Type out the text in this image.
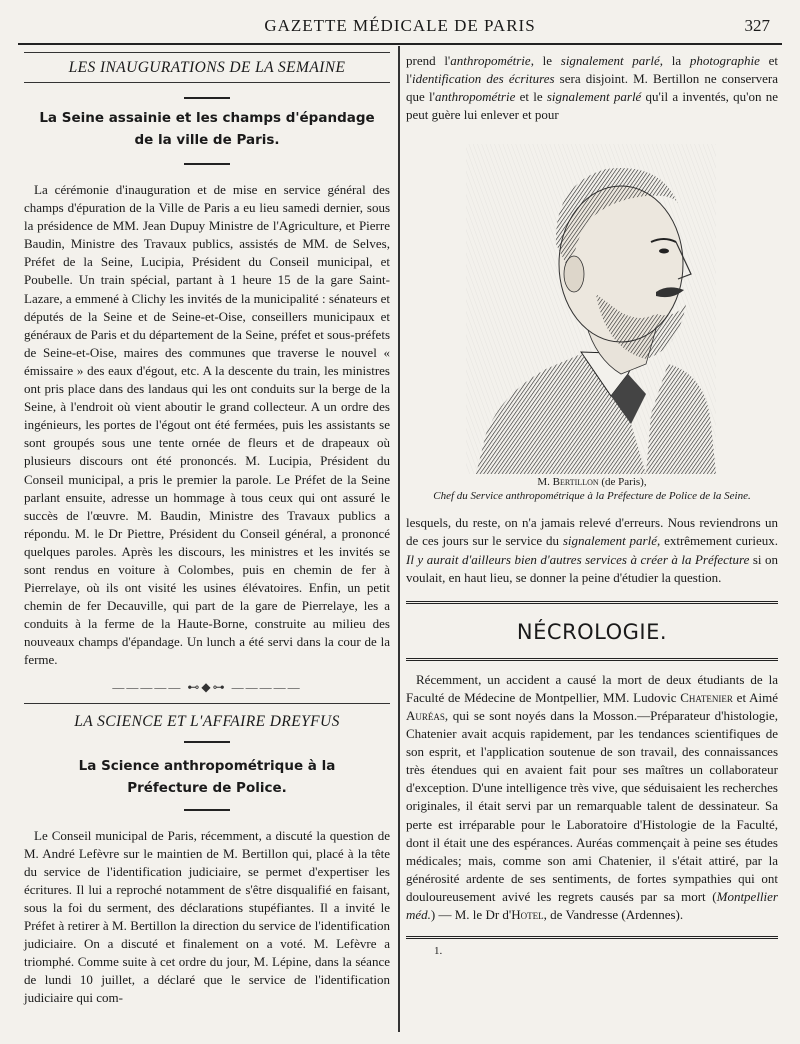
GAZETTE MÉDICALE DE PARIS	327
LES INAUGURATIONS DE LA SEMAINE
La Seine assainie et les champs d'épandage
de la ville de Paris.

La cérémonie d'inauguration et de mise en service général des champs d'épuration de la Ville de Paris a eu lieu samedi dernier, sous la présidence de MM. Jean Dupuy Ministre de l'Agriculture, et Pierre Baudin, Ministre des Travaux publics, assistés de MM. de Selves, Préfet de la Seine, Lucipia, Président du Conseil municipal, et Poubelle. Un train spécial, partant à 1 heure 15 de la gare Saint-Lazare, a emmené à Clichy les invités de la municipalité : sénateurs et députés de la Seine et de Seine-et-Oise, conseillers municipaux et généraux de Paris et du département de la Seine, préfet et sous-préfets de Seine-et-Oise, maires des communes que traverse le nouvel « émissaire » des eaux d'égout, etc. A la descente du train, les ministres ont pris place dans des landaus qui les ont conduits sur la berge de la Seine, à l'endroit où vient aboutir le grand collecteur. A un ordre des ingénieurs, les portes de l'égout ont été fermées, puis les assistants se sont groupés sous une tente ornée de fleurs et de drapeaux où plusieurs discours ont été prononcés. M. Lucipia, Président du Conseil municipal, a pris le premier la parole. Le Préfet de la Seine parlant ensuite, adresse un hommage à tous ceux qui ont assuré le succès de l'œuvre. M. Baudin, Ministre des Travaux publics a répondu. M. le Dr Piettre, Président du Conseil général, a prononcé quelques paroles. Après les discours, les ministres et les invités se sont rendus en voiture à Colombes, puis en chemin de fer à Pierrelaye, où ils ont visité les usines élévatoires. Enfin, un petit chemin de fer Decauville, qui part de la gare de Pierrelaye, les a conduits à la ferme de la Haute-Borne, construite au milieu des nouveaux champs d'épandage. Un lunch a été servi dans la cour de la ferme.

————— ⊷◆⊶ —————
LA SCIENCE ET L'AFFAIRE DREYFUS
La Science anthropométrique à la
Préfecture de Police.

Le Conseil municipal de Paris, récemment, a discuté la question de M. André Lefèvre sur le maintien de M. Bertillon qui, placé à la tête du service de l'identification judiciaire, se permet d'expertiser les écritures. Il lui a reproché notamment de s'être disqualifié en faisant, sous la foi du serment, des déclarations stupéfiantes. Il a invité le Préfet à retirer à M. Bertillon la direction du service de l'identification judiciaire. On a discuté et finalement on a voté. M. Lefèvre a triomphé. Comme suite à cet ordre du jour, M. Lépine, dans la séance de lundi 10 juillet, a déclaré que le service de l'identification judiciaire qui com-

prend l'anthropométrie, le signalement parlé, la photographie et l'identification des écritures sera disjoint. M. Bertillon ne conservera que l'anthropométrie et le signalement parlé qu'il a inventés, qu'on ne peut guère lui enlever et pour

M. Bertillon (de Paris),
Chef du Service anthropométrique à la Préfecture de Police de la Seine.

lesquels, du reste, on n'a jamais relevé d'erreurs. Nous reviendrons un de ces jours sur le service du signalement parlé, extrêmement curieux. Il y aurait d'ailleurs bien d'autres services à créer à la Préfecture si on voulait, en haut lieu, se donner la peine d'étudier la question.

NÉCROLOGIE.

Récemment, un accident a causé la mort de deux étudiants de la Faculté de Médecine de Montpellier, MM. Ludovic Chatenier et Aimé Auréas, qui se sont noyés dans la Mosson.—Préparateur d'histologie, Chatenier avait acquis rapidement, par les tendances scientifiques de son esprit, et l'application soutenue de son travail, des connaissances très étendues qui en avaient fait pour ses maîtres un collaborateur d'exception. D'une intelligence très vive, que séduisaient les recherches originales, il était servi par un remarquable talent de dessinateur. Sa perte est irréparable pour le Laboratoire d'Histologie de la Faculté, dont il était une des espérances. Auréas commençait à peine ses études médicales; mais, comme son ami Chatenier, il s'était attiré, par la générosité ardente de ses sentiments, de fortes sympathies qui ont douloureusement avivé les regrets causés par sa mort (Montpellier méd.) — M. le Dr d'Hotel, de Vandresse (Ardennes).

1.
